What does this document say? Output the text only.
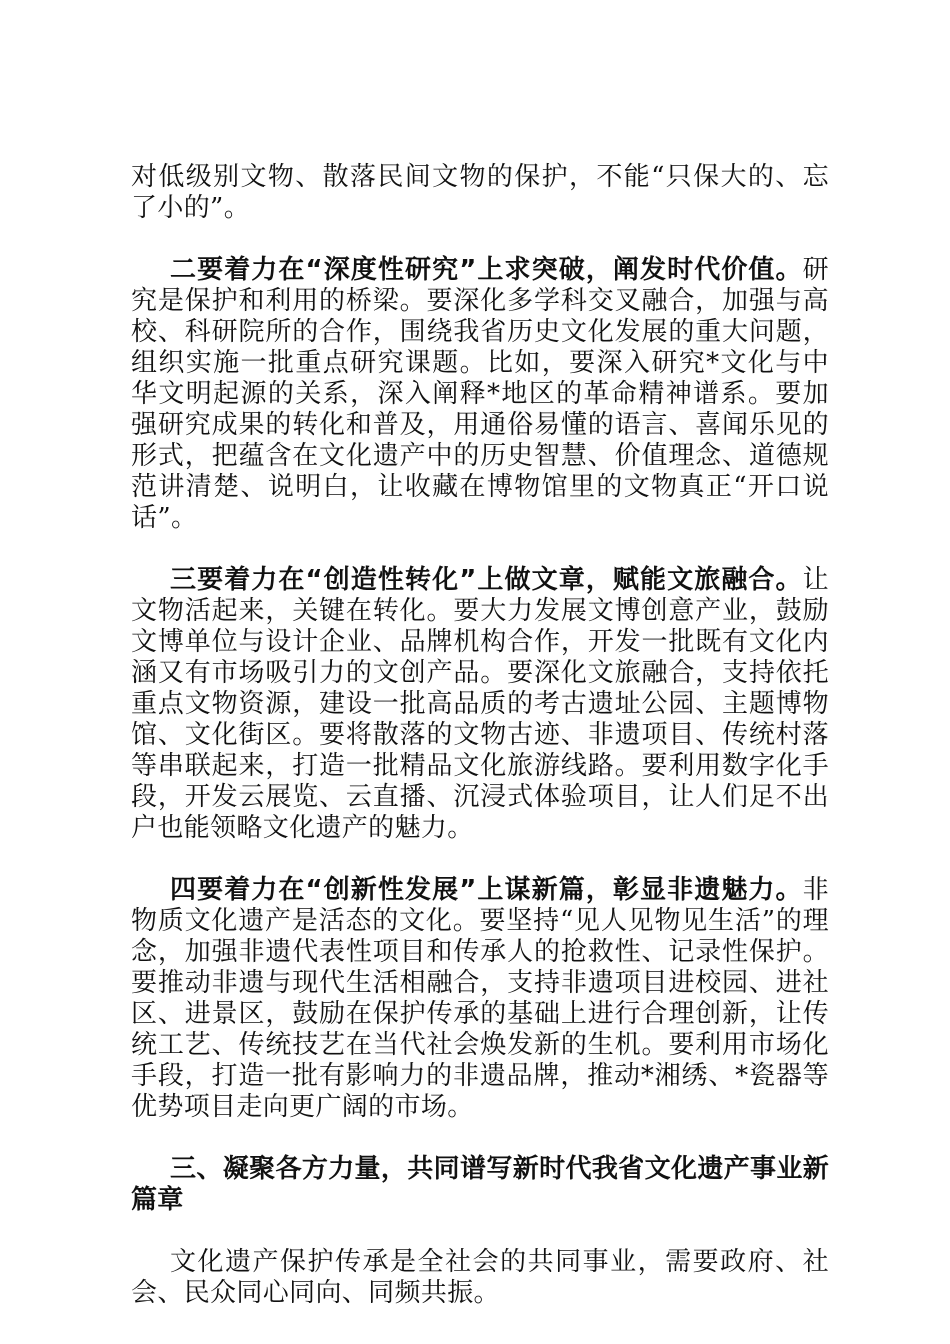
对低级别文物、散落民间文物的保护，不能“只保大的、忘了小的”。

二要着力在“深度性研究”上求突破，阐发时代价值。研究是保护和利用的桥梁。要深化多学科交叉融合，加强与高校、科研院所的合作，围绕我省历史文化发展的重大问题，组织实施一批重点研究课题。比如，要深入研究*文化与中华文明起源的关系，深入阐释*地区的革命精神谱系。要加强研究成果的转化和普及，用通俗易懂的语言、喜闻乐见的形式，把蕴含在文化遗产中的历史智慧、价值理念、道德规范讲清楚、说明白，让收藏在博物馆里的文物真正“开口说话”。

三要着力在“创造性转化”上做文章，赋能文旅融合。让文物活起来，关键在转化。要大力发展文博创意产业，鼓励文博单位与设计企业、品牌机构合作，开发一批既有文化内涵又有市场吸引力的文创产品。要深化文旅融合，支持依托重点文物资源，建设一批高品质的考古遗址公园、主题博物馆、文化街区。要将散落的文物古迹、非遗项目、传统村落等串联起来，打造一批精品文化旅游线路。要利用数字化手段，开发云展览、云直播、沉浸式体验项目，让人们足不出户也能领略文化遗产的魅力。

四要着力在“创新性发展”上谋新篇，彰显非遗魅力。非物质文化遗产是活态的文化。要坚持“见人见物见生活”的理念，加强非遗代表性项目和传承人的抢救性、记录性保护。要推动非遗与现代生活相融合，支持非遗项目进校园、进社区、进景区，鼓励在保护传承的基础上进行合理创新，让传统工艺、传统技艺在当代社会焕发新的生机。要利用市场化手段，打造一批有影响力的非遗品牌，推动*湘绣、*瓷器等优势项目走向更广阔的市场。

三、凝聚各方力量，共同谱写新时代我省文化遗产事业新篇章

文化遗产保护传承是全社会的共同事业，需要政府、社会、民众同心同向、同频共振。
